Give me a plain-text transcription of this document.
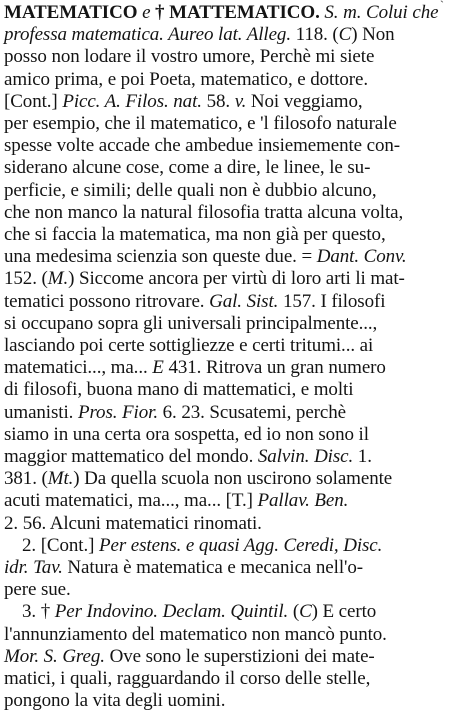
`
MATEMATICO e † MATTEMATICO. S. m. Colui che
professa matematica. Aureo lat. Alleg. 118. (C) Non
posso non lodare il vostro umore, Perchè mi siete
amico prima, e poi Poeta, matematico, e dottore.
[Cont.] Picc. A. Filos. nat. 58. v. Noi veggiamo,
per esempio, che il matematico, e 'l filosofo naturale
spesse volte accade che ambedue insiememente con-
siderano alcune cose, come a dire, le linee, le su-
perficie, e simili; delle quali non è dubbio alcuno,
che non manco la natural filosofia tratta alcuna volta,
che si faccia la matematica, ma non già per questo,
una medesima scienzia son queste due. = Dant. Conv.
152. (M.) Siccome ancora per virtù di loro arti li mat-
tematici possono ritrovare. Gal. Sist. 157. I filosofi
si occupano sopra gli universali principalmente...,
lasciando poi certe sottigliezze e certi tritumi... ai
matematici..., ma... E 431. Ritrova un gran numero
di filosofi, buona mano di mattematici, e molti
umanisti. Pros. Fior. 6. 23. Scusatemi, perchè
siamo in una certa ora sospetta, ed io non sono il
maggior mattematico del mondo. Salvin. Disc. 1.
381. (Mt.) Da quella scuola non uscirono solamente
acuti matematici, ma..., ma... [T.] Pallav. Ben.
2. 56. Alcuni matematici rinomati.
2. [Cont.] Per estens. e quasi Agg. Ceredi, Disc.
idr. Tav. Natura è matematica e mecanica nell'o-
pere sue.
3. † Per Indovino. Declam. Quintil. (C) E certo
l'annunziamento del matematico non mancò punto.
Mor. S. Greg. Ove sono le superstizioni dei mate-
matici, i quali, ragguardando il corso delle stelle,
pongono la vita degli uomini.
